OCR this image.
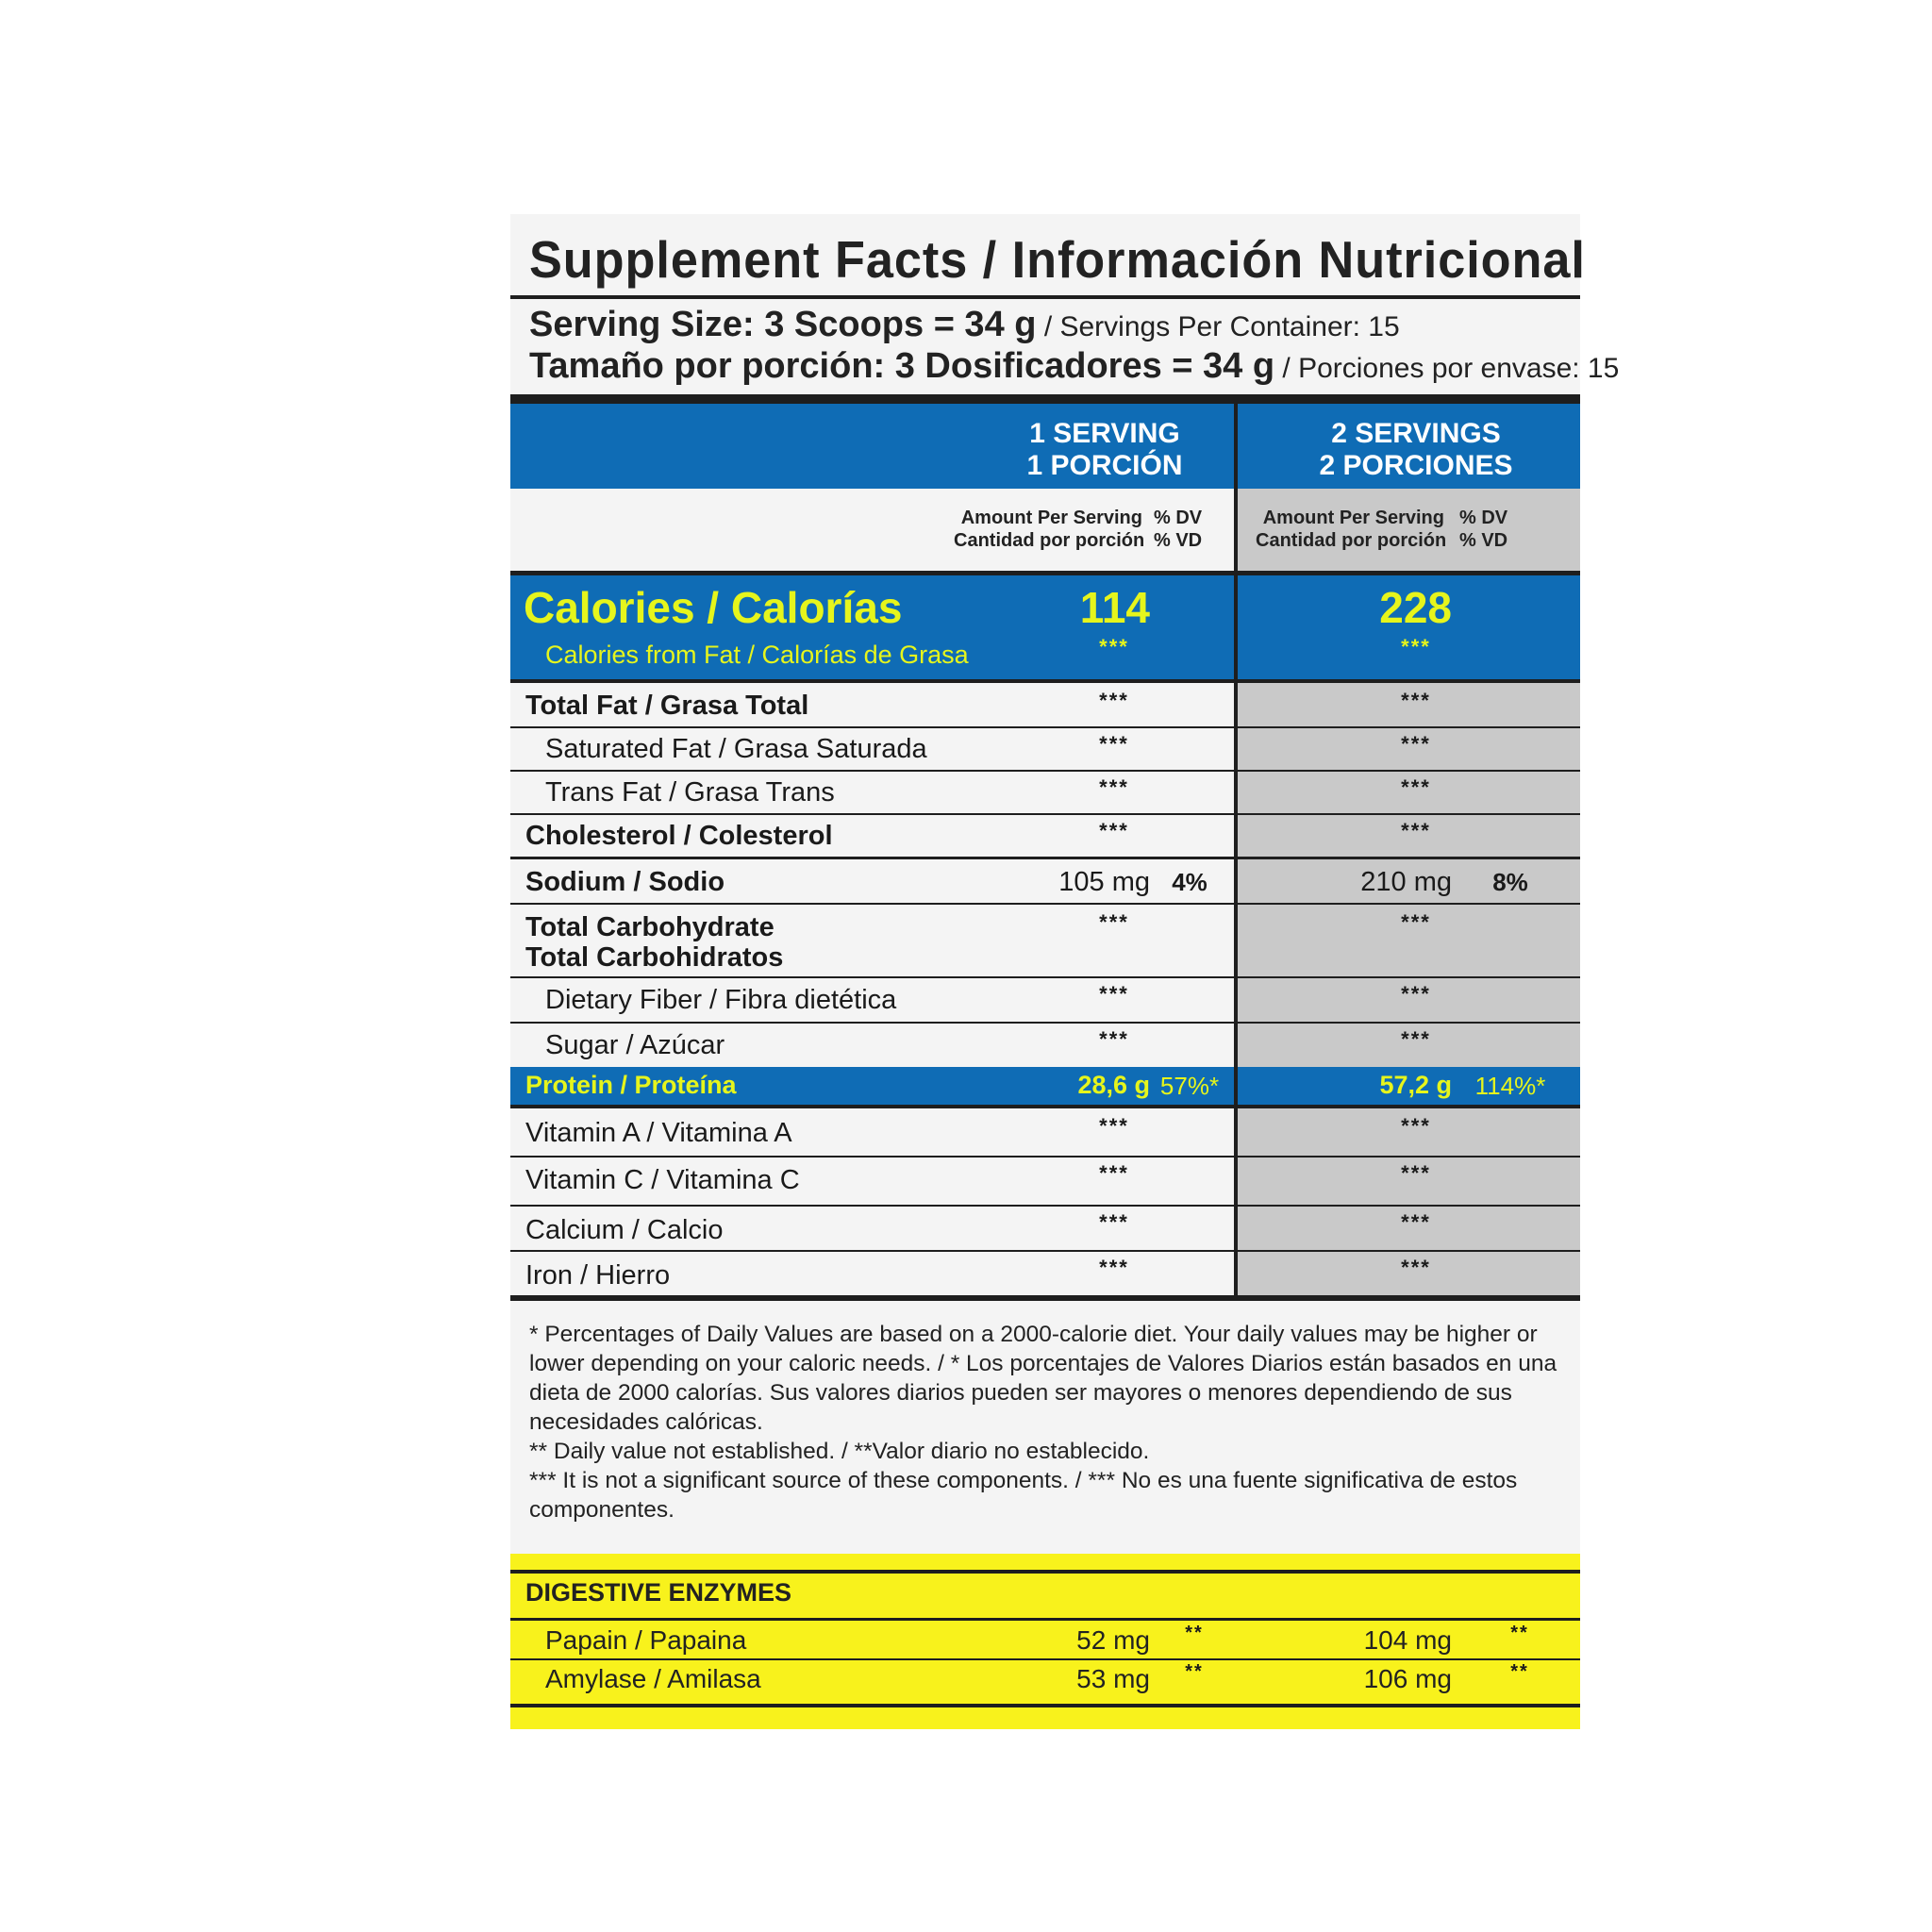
Supplement Facts / Información Nutricional
Serving Size: 3 Scoops = 34 g / Servings Per Container: 15
Tamaño por porción: 3 Dosificadores = 34 g / Porciones por envase: 15
1 SERVING
1 PORCIÓN
2 SERVINGS
2 PORCIONES
Amount Per Serving
Cantidad por porción
% DV
% VD
Amount Per Serving
Cantidad por porción
% DV
% VD
Calories / Calorías	114	228
Calories from Fat / Calorías de Grasa	***	***
Total Fat / Grasa Total	***	***
Saturated Fat / Grasa Saturada	***	***
Trans Fat / Grasa Trans	***	***
Cholesterol / Colesterol	***	***
Sodium / Sodio	105 mg 4%	210 mg	8%
Total Carbohydrate
Total Carbohidratos
***	***
Dietary Fiber / Fibra dietética	***	***
Sugar / Azúcar	***	***
Protein / Proteína	28,6 g 57%*	57,2 g 114%*
Vitamin A / Vitamina A	***	***
Vitamin C / Vitamina C	***	***
Calcium / Calcio	***	***
Iron / Hierro	***	***

* Percentages of Daily Values are based on a 2000-calorie diet. Your daily values may be higher or lower depending on your caloric needs. / * Los porcentajes de Valores Diarios están basados en una dieta de 2000 calorías. Sus valores diarios pueden ser mayores o menores dependiendo de sus necesidades calóricas.

** Daily value not established. / **Valor diario no establecido.

*** It is not a significant source of these components. / *** No es una fuente significativa de estos componentes.

DIGESTIVE ENZYMES
Papain / Papaina	52 mg	**	104 mg	**
Amylase / Amilasa	53 mg	**	106 mg	**
